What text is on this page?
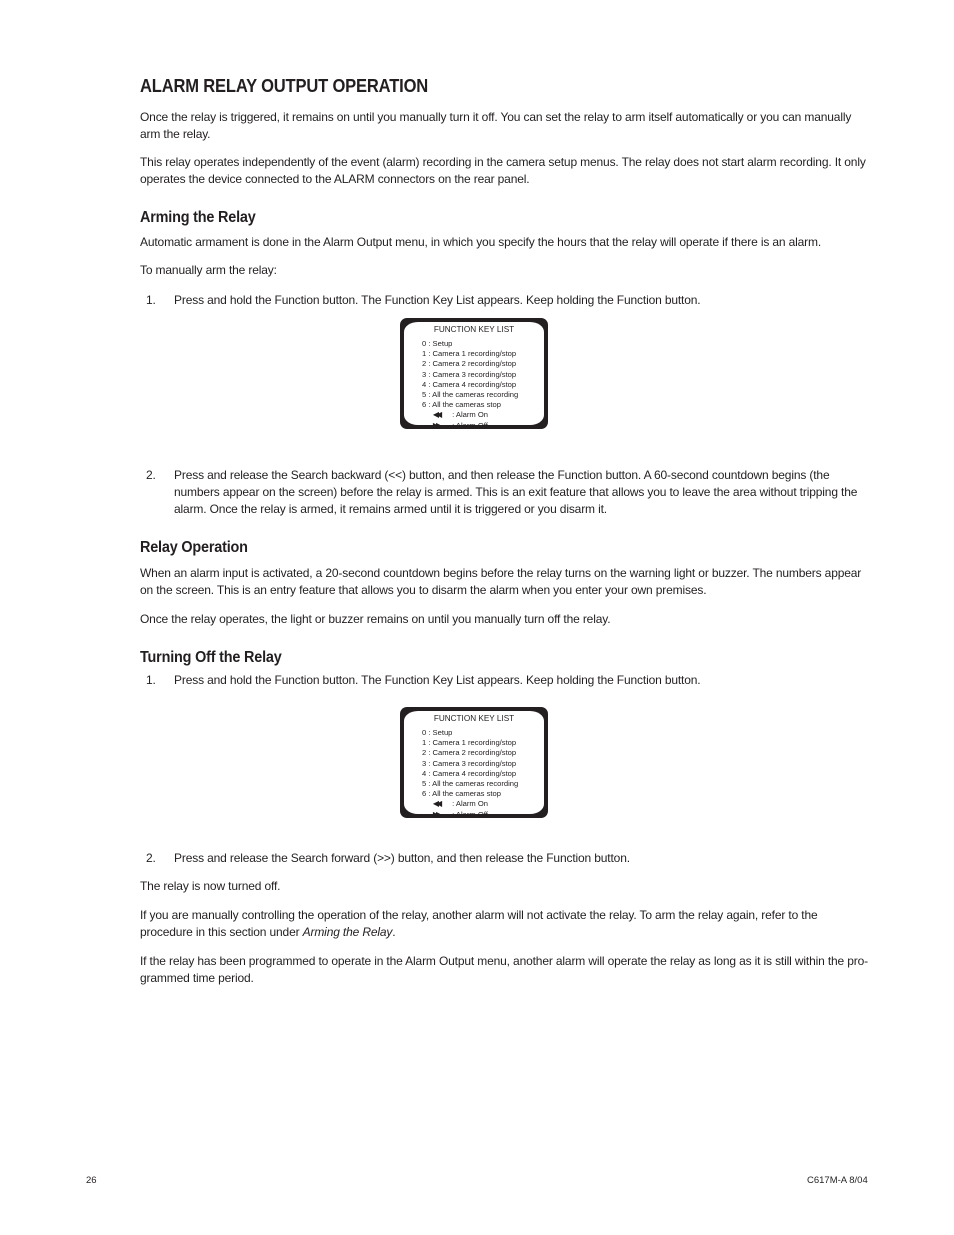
ALARM RELAY OUTPUT OPERATION

Once the relay is triggered, it remains on until you manually turn it off. You can set the relay to arm itself automatically or you can manually arm the relay.

This relay operates independently of the event (alarm) recording in the camera setup menus. The relay does not start alarm recording. It only operates the device connected to the ALARM connectors on the rear panel.

Arming the Relay

Automatic armament is done in the Alarm Output menu, in which you specify the hours that the relay will operate if there is an alarm.

To manually arm the relay:

1.	Press and hold the Function button. The Function Key List appears. Keep holding the Function button.
FUNCTION KEY LIST
0 : Setup
1 : Camera 1 recording/stop
2 : Camera 2 recording/stop
3 : Camera 3 recording/stop
4 : Camera 4 recording/stop
5 : All the cameras recording
6 : All the cameras stop
◀◀ : Alarm On
▶▶ : Alarm Off
2.	Press and release the Search backward (<<) button, and then release the Function button. A 60-second countdown begins (the numbers appear on the screen) before the relay is armed. This is an exit feature that allows you to leave the area without tripping the alarm. Once the relay is armed, it remains armed until it is triggered or you disarm it.
Relay Operation

When an alarm input is activated, a 20-second countdown begins before the relay turns on the warning light or buzzer. The numbers appear on the screen. This is an entry feature that allows you to disarm the alarm when you enter your own premises.

Once the relay operates, the light or buzzer remains on until you manually turn off the relay.

Turning Off the Relay
1.	Press and hold the Function button. The Function Key List appears. Keep holding the Function button.
FUNCTION KEY LIST
0 : Setup
1 : Camera 1 recording/stop
2 : Camera 2 recording/stop
3 : Camera 3 recording/stop
4 : Camera 4 recording/stop
5 : All the cameras recording
6 : All the cameras stop
◀◀ : Alarm On
▶▶ : Alarm Off
2.	Press and release the Search forward (>>) button, and then release the Function button.

The relay is now turned off.

If you are manually controlling the operation of the relay, another alarm will not activate the relay. To arm the relay again, refer to the procedure in this section under Arming the Relay.

If the relay has been programmed to operate in the Alarm Output menu, another alarm will operate the relay as long as it is still within the pro-grammed time period.

26	C617M-A 8/04
